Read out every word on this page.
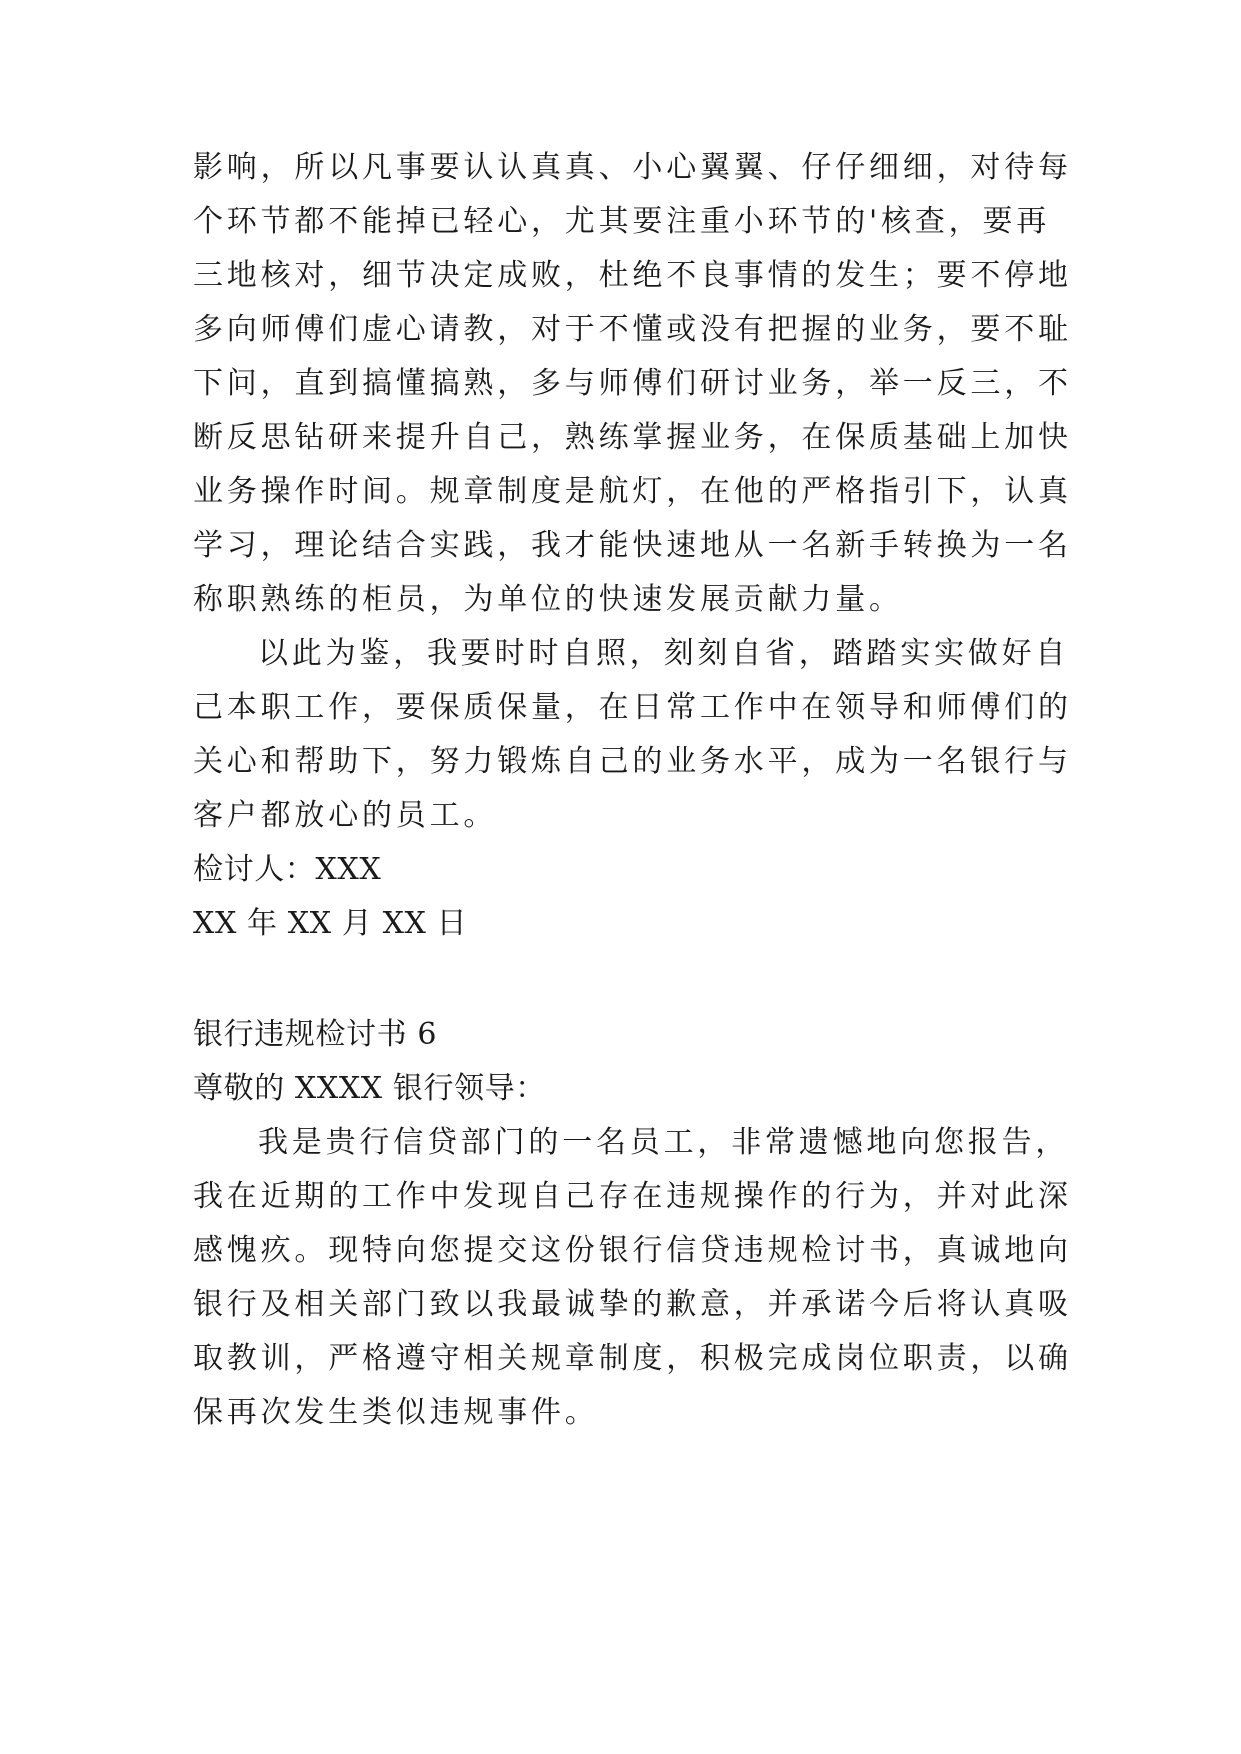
影响，所以凡事要认认真真、小心翼翼、仔仔细细，对待每
个环节都不能掉已轻心，尤其要注重小环节的'核查，要再
三地核对，细节决定成败，杜绝不良事情的发生；要不停地
多向师傅们虚心请教，对于不懂或没有把握的业务，要不耻
下问，直到搞懂搞熟，多与师傅们研讨业务，举一反三，不
断反思钻研来提升自己，熟练掌握业务，在保质基础上加快
业务操作时间。规章制度是航灯，在他的严格指引下，认真
学习，理论结合实践，我才能快速地从一名新手转换为一名
称职熟练的柜员，为单位的快速发展贡献力量。
以此为鉴，我要时时自照，刻刻自省，踏踏实实做好自
己本职工作，要保质保量，在日常工作中在领导和师傅们的
关心和帮助下，努力锻炼自己的业务水平，成为一名银行与
客户都放心的员工。
检讨人：XXX
XX 年 XX 月 XX 日
银行违规检讨书 6
尊敬的 XXXX 银行领导：
我是贵行信贷部门的一名员工，非常遗憾地向您报告，
我在近期的工作中发现自己存在违规操作的行为，并对此深
感愧疚。现特向您提交这份银行信贷违规检讨书，真诚地向
银行及相关部门致以我最诚挚的歉意，并承诺今后将认真吸
取教训，严格遵守相关规章制度，积极完成岗位职责，以确
保再次发生类似违规事件。
